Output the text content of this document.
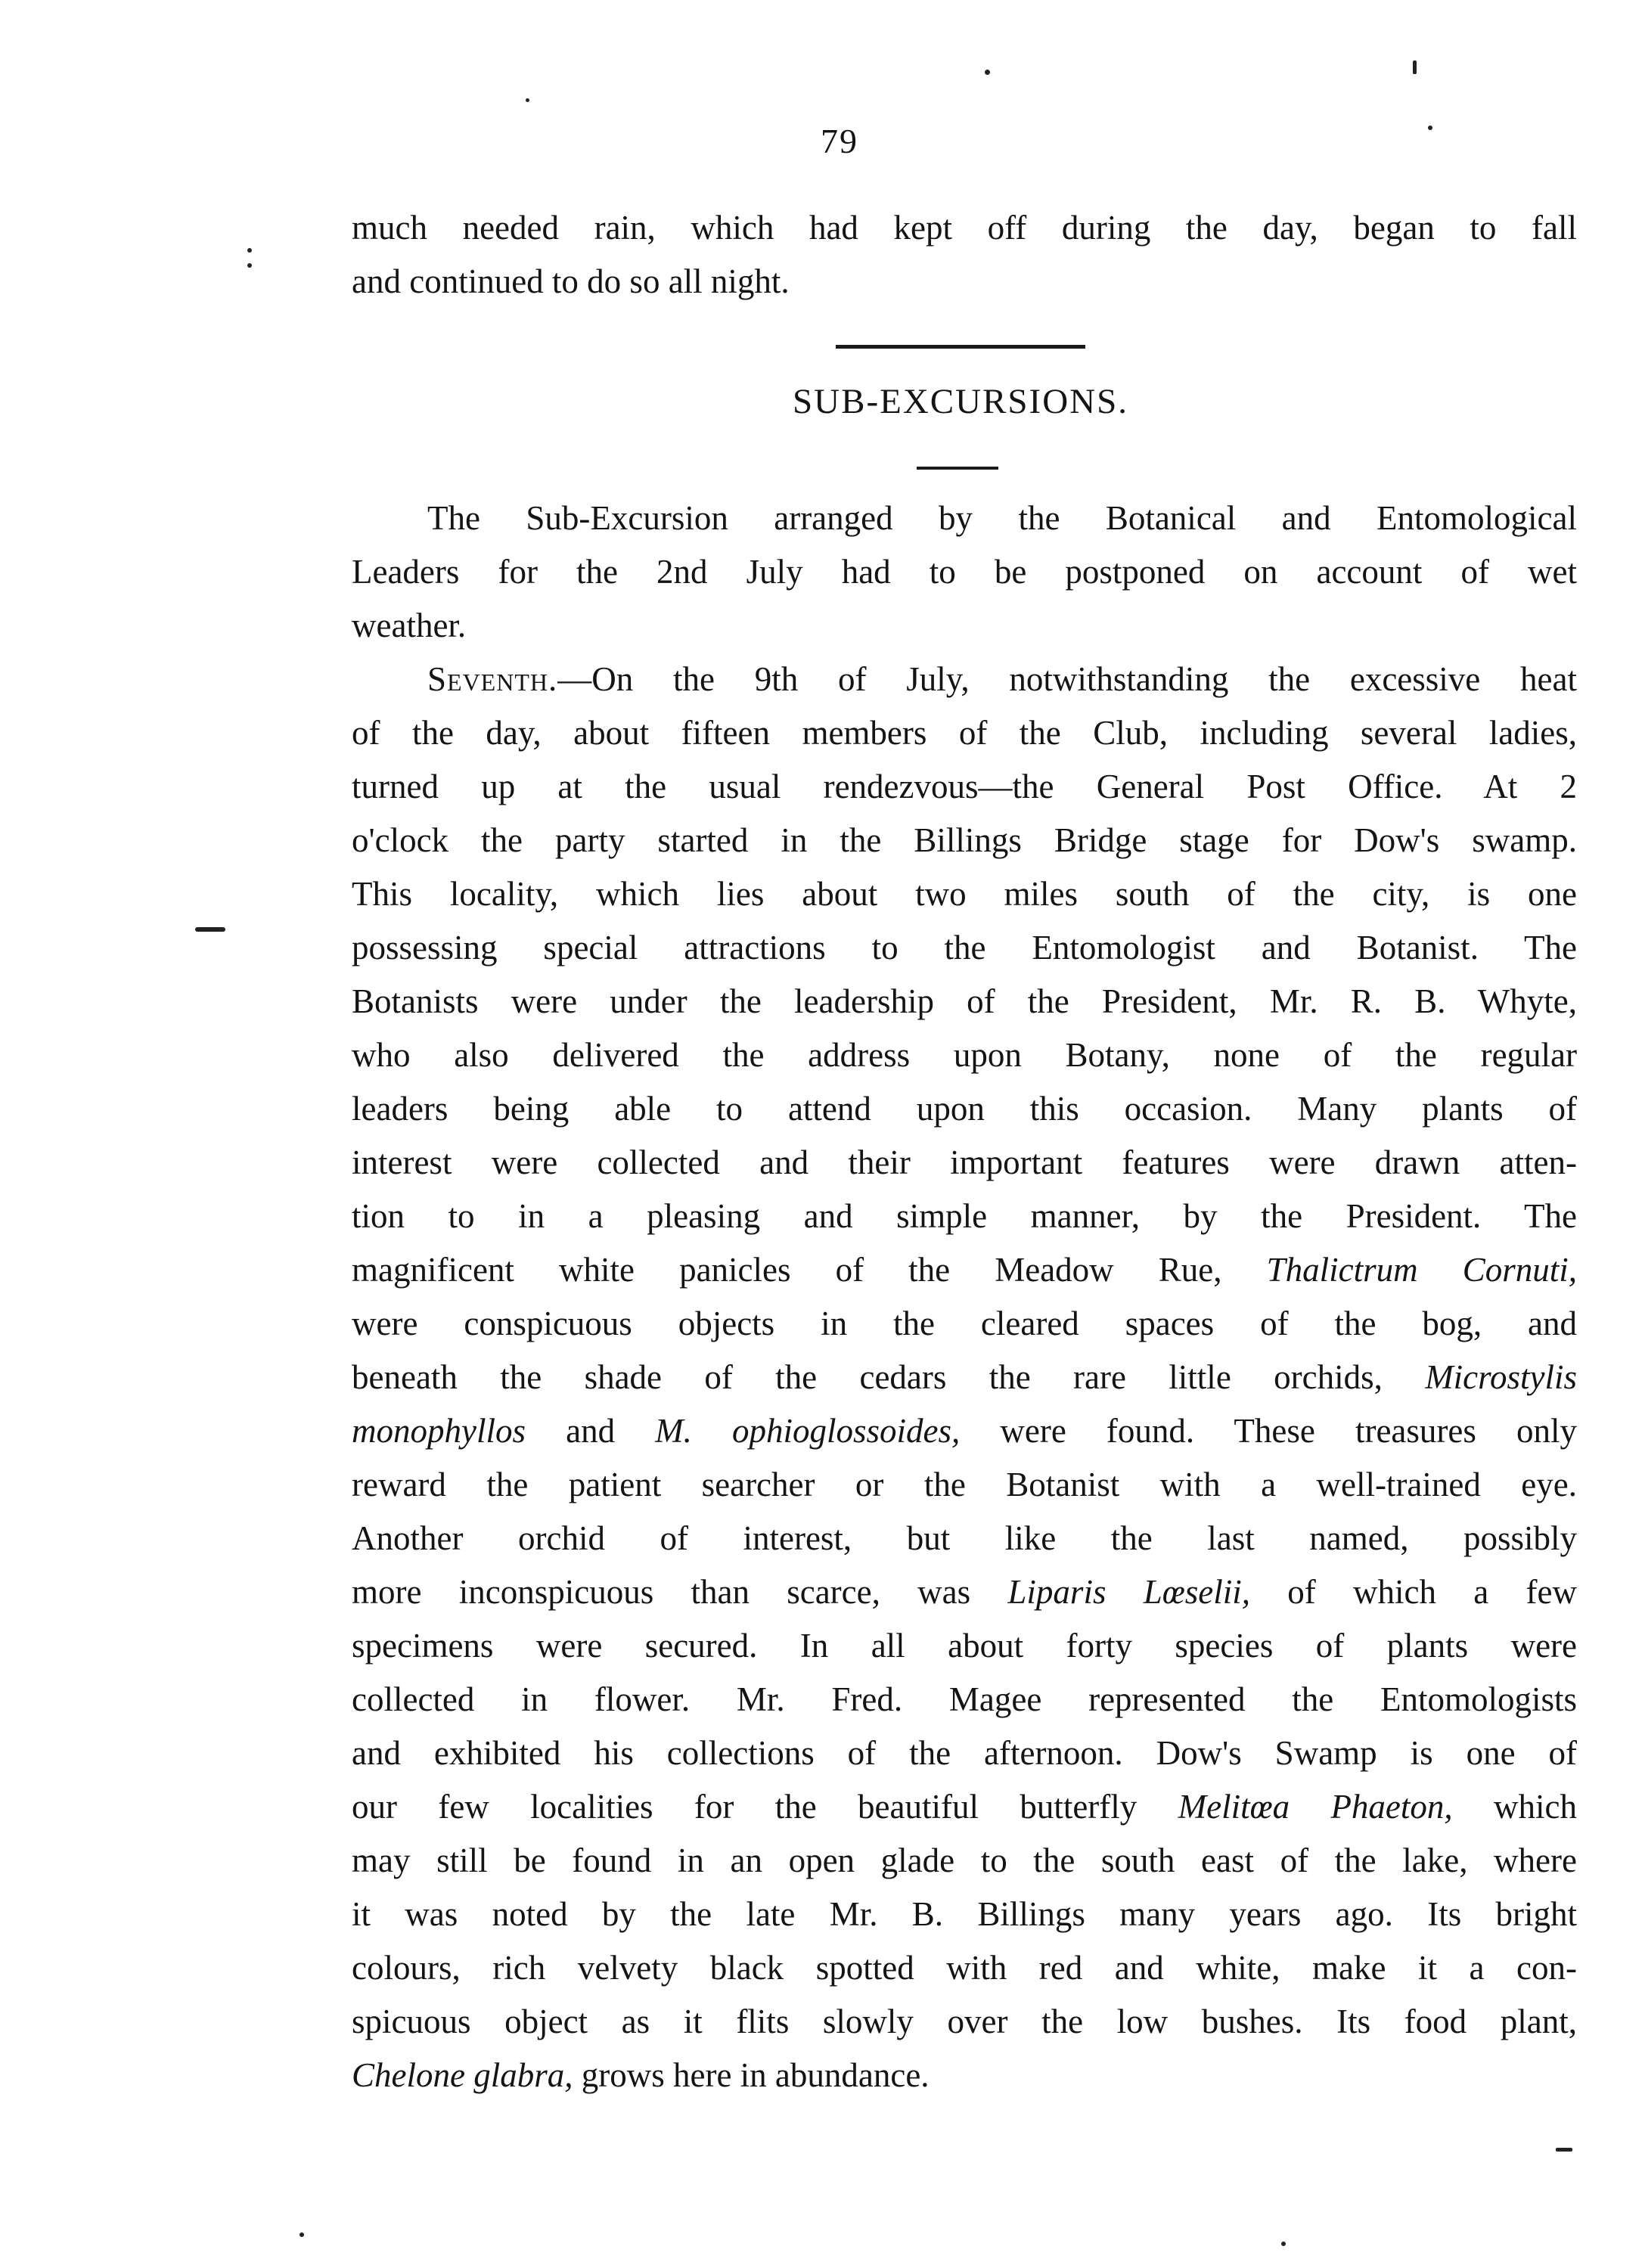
79
much needed rain, which had kept off during the day, began to fall
and continued to do so all night.
SUB-EXCURSIONS.
The Sub-Excursion arranged by the Botanical and Entomological
Leaders for the 2nd July had to be postponed on account of wet
weather.
Seventh.—On the 9th of July, notwithstanding the excessive heat
of the day, about fifteen members of the Club, including several ladies,
turned up at the usual rendezvous—the General Post Office. At 2
o'clock the party started in the Billings Bridge stage for Dow's swamp.
This locality, which lies about two miles south of the city, is one
possessing special attractions to the Entomologist and Botanist. The
Botanists were under the leadership of the President, Mr. R. B. Whyte,
who also delivered the address upon Botany, none of the regular
leaders being able to attend upon this occasion. Many plants of
interest were collected and their important features were drawn atten-
tion to in a pleasing and simple manner, by the President. The
magnificent white panicles of the Meadow Rue, Thalictrum Cornuti,
were conspicuous objects in the cleared spaces of the bog, and
beneath the shade of the cedars the rare little orchids, Microstylis
monophyllos and M. ophioglossoides, were found. These treasures only
reward the patient searcher or the Botanist with a well-trained eye.
Another orchid of interest, but like the last named, possibly
more inconspicuous than scarce, was Liparis Lœselii, of which a few
specimens were secured. In all about forty species of plants were
collected in flower. Mr. Fred. Magee represented the Entomologists
and exhibited his collections of the afternoon. Dow's Swamp is one of
our few localities for the beautiful butterfly Melitœa Phaeton, which
may still be found in an open glade to the south east of the lake, where
it was noted by the late Mr. B. Billings many years ago. Its bright
colours, rich velvety black spotted with red and white, make it a con-
spicuous object as it flits slowly over the low bushes. Its food plant,
Chelone glabra, grows here in abundance.
